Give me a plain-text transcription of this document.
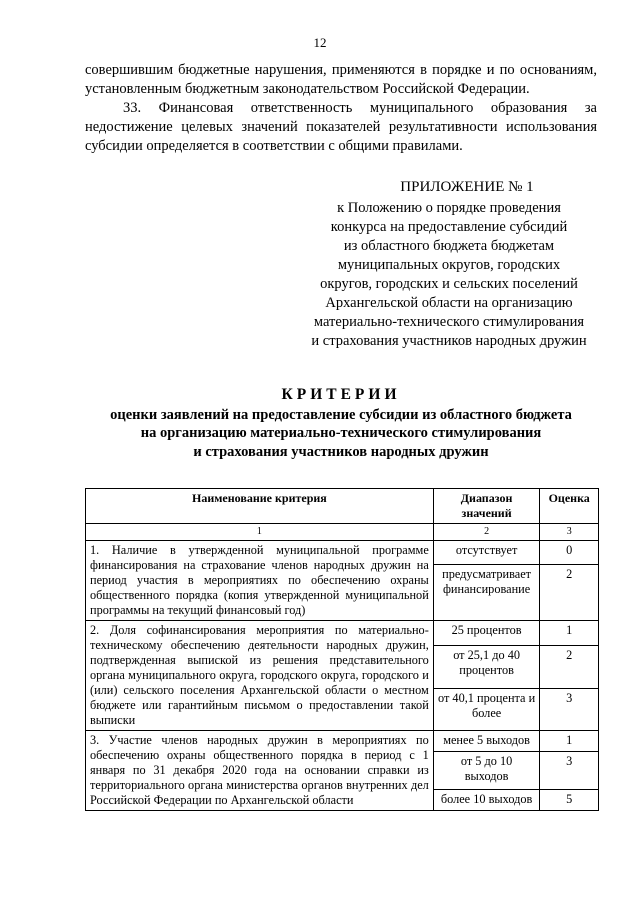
12

совершившим бюджетные нарушения, применяются в порядке и по основаниям, установленным бюджетным законодательством Российской Федерации.

33. Финансовая ответственность муниципального образования за недостижение целевых значений показателей результативности использования субсидии определяется в соответствии с общими правилами.

ПРИЛОЖЕНИЕ № 1
к Положению о порядке проведения
конкурса на предоставление субсидий
из областного бюджета бюджетам
муниципальных округов, городских
округов, городских и сельских поселений
Архангельской области на организацию
материально-технического стимулирования
и страхования участников народных дружин
КРИТЕРИИ
оценки заявлений на предоставление субсидии из областного бюджета
на организацию материально-технического стимулирования
и страхования участников народных дружин
Наименование критерия	Диапазон значений	Оценка
1	2	3
1. Наличие в утвержденной муниципальной программе финансирования на страхование членов народных дружин на период участия в мероприятиях по обеспечению охраны общественного порядка (копия утвержденной муниципальной программы на текущий финансовый год)	отсутствует	0
	предусматривает финансирование	2
2. Доля софинансирования мероприятия по материально-техническому обеспечению деятельности народных дружин, подтвержденная выпиской из решения представительного органа муниципального округа, городского округа, городского и (или) сельского поселения Архангельской области о местном бюджете или гарантийным письмом о предоставлении такой выписки	25 процентов	1
	от 25,1 до 40 процентов	2
	от 40,1 процента и более	3
3. Участие членов народных дружин в мероприятиях по обеспечению охраны общественного порядка в период с 1 января по 31 декабря 2020 года на основании справки из территориального органа министерства органов внутренних дел Российской Федерации по Архангельской области	менее 5 выходов	1
	от 5 до 10 выходов	3
	более 10 выходов	5
